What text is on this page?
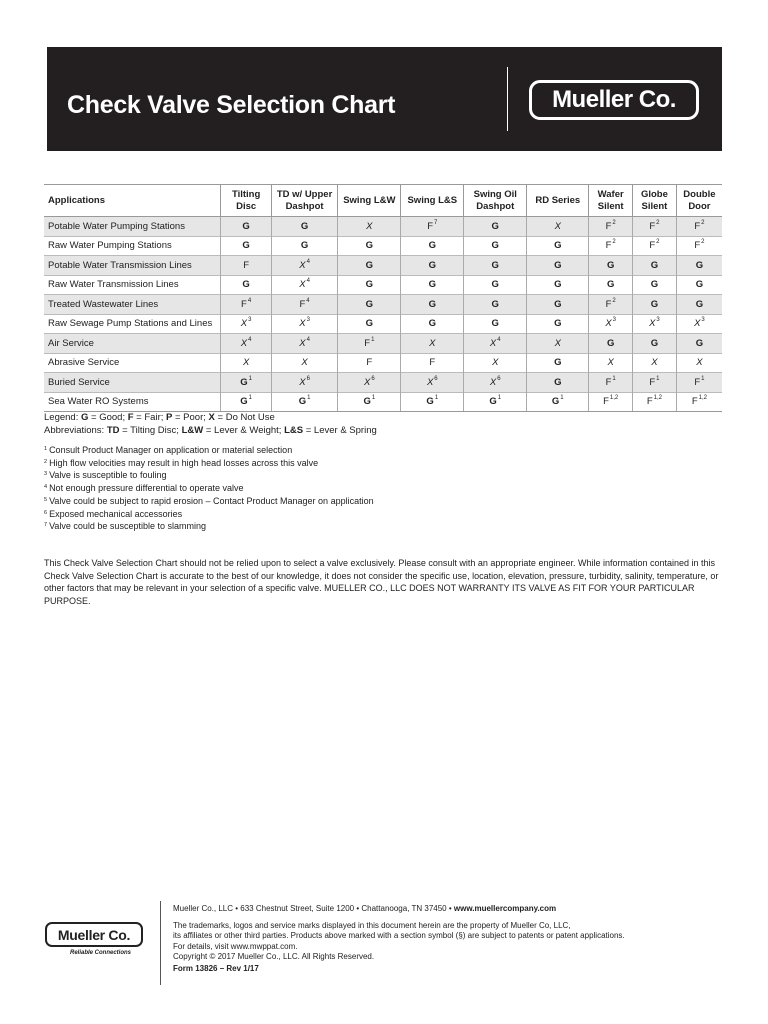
Check Valve Selection Chart	Mueller Co.
Applications	Tilting Disc	TD w/ Upper Dashpot	Swing L&W	Swing L&S	Swing Oil Dashpot	RD Series	Wafer Silent	Globe Silent	Double Door
Potable Water Pumping Stations	G	G	X	$F^7$	G	X	$F^2$	$F^2$	$F^2$
Raw Water Pumping Stations	G	G	G	G	G	G	$F^2$	$F^2$	$F^2$
Potable Water Transmission Lines	F	$X^4$	G	G	G	G	G	G	G
Raw Water Transmission Lines	G	$X^4$	G	G	G	G	G	G	G
Treated Wastewater Lines	$F^4$	$F^4$	G	G	G	G	$F^2$	G	G
Raw Sewage Pump Stations and Lines	$X^3$	$X^3$	G	G	G	G	$X^3$	$X^3$	$X^3$
Air Service	$X^4$	$X^4$	$F^1$	X	$X^4$	X	G	G	G
Abrasive Service	X	X	F	F	X	G	X	X	X
Buried Service	$G^1$	$X^6$	$X^6$	$X^6$	$X^6$	G	$F^1$	$F^1$	$F^1$
Sea Water RO Systems	$G^1$	$G^1$	$G^1$	$G^1$	$G^1$	$G^1$	F$^{1,2}$	F$^{1,2}$	F$^{1,2}$
Legend: G = Good; F = Fair; P = Poor; X = Do Not Use
Abbreviations: TD = Tilting Disc; L&W = Lever & Weight; L&S = Lever & Spring
$^1$ Consult Product Manager on application or material selection
$^2$ High flow velocities may result in high head losses across this valve
$^3$ Valve is susceptible to fouling
$^4$ Not enough pressure differential to operate valve
$^5$ Valve could be subject to rapid erosion – Contact Product Manager on application
$^6$ Exposed mechanical accessories
$^7$ Valve could be susceptible to slamming
This Check Valve Selection Chart should not be relied upon to select a valve exclusively. Please consult with an appropriate engineer. While information contained in this Check Valve Selection Chart is accurate to the best of our knowledge, it does not consider the specific use, location, elevation, pressure, turbidity, salinity, temperature, or other factors that may be relevant in your selection of a specific valve. MUELLER CO., LLC DOES NOT WARRANTY ITS VALVE AS FIT FOR YOUR PARTICULAR PURPOSE.
Mueller Co.
Reliable Connections
Mueller Co., LLC • 633 Chestnut Street, Suite 1200 • Chattanooga, TN 37450 • www.muellercompany.com
The trademarks, logos and service marks displayed in this document herein are the property of Mueller Co, LLC,
its affiliates or other third parties. Products above marked with a section symbol (§) are subject to patents or patent applications.
For details, visit www.mwppat.com.
Copyright © 2017 Mueller Co., LLC. All Rights Reserved.
Form 13826 – Rev 1/17
